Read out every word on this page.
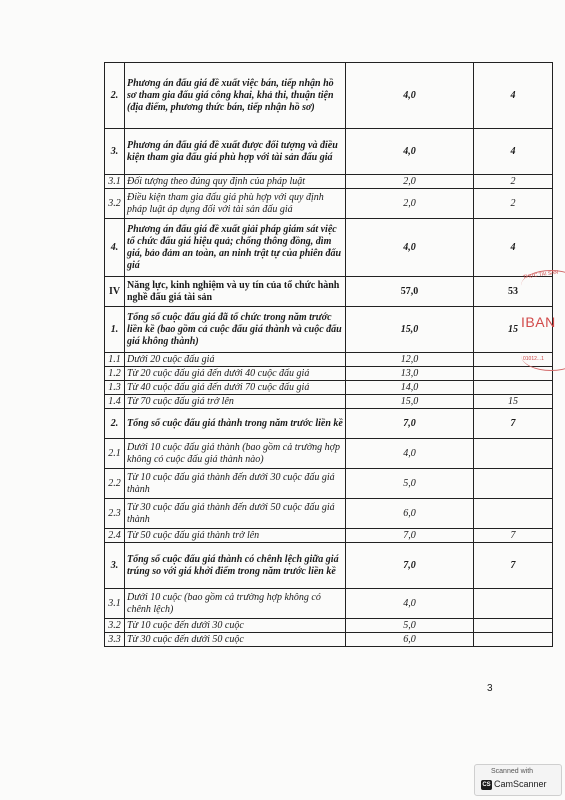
2.	Phương án đấu giá đề xuất việc bán, tiếp nhận hồ sơ tham gia đấu giá công khai, khả thi, thuận tiện (địa điểm, phương thức bán, tiếp nhận hồ sơ)	4,0	4
3.	Phương án đấu giá đề xuất được đối tượng và điều kiện tham gia đấu giá phù hợp với tài sản đấu giá	4,0	4
3.1	Đối tượng theo đúng quy định của pháp luật	2,0	2
3.2	Điều kiện tham gia đấu giá phù hợp với quy định pháp luật áp dụng đối với tài sản đấu giá	2,0	2
4.	Phương án đấu giá đề xuất giải pháp giám sát việc tổ chức đấu giá hiệu quả; chống thông đồng, dìm giá, bảo đảm an toàn, an ninh trật tự của phiên đấu giá	4,0	4
IV	Năng lực, kinh nghiệm và uy tín của tổ chức hành nghề đấu giá tài sản	57,0	53
1.	Tổng số cuộc đấu giá đã tổ chức trong năm trước liền kề (bao gồm cả cuộc đấu giá thành và cuộc đấu giá không thành)	15,0	15
1.1	Dưới 20 cuộc đấu giá	12,0	
1.2	Từ 20 cuộc đấu giá đến dưới 40 cuộc đấu giá	13,0	
1.3	Từ 40 cuộc đấu giá đến dưới 70 cuộc đấu giá	14,0	
1.4	Từ 70 cuộc đấu giá trở lên	15,0	15
2.	Tổng số cuộc đấu giá thành trong năm trước liền kề	7,0	7
2.1	Dưới 10 cuộc đấu giá thành (bao gồm cả trường hợp không có cuộc đấu giá thành nào)	4,0	
2.2	Từ 10 cuộc đấu giá thành đến dưới 30 cuộc đấu giá thành	5,0	
2.3	Từ 30 cuộc đấu giá thành đến dưới 50 cuộc đấu giá thành	6,0	
2.4	Từ 50 cuộc đấu giá thành trở lên	7,0	7
3.	Tổng số cuộc đấu giá thành có chênh lệch giữa giá trúng so với giá khởi điểm trong năm trước liền kề	7,0	7
3.1	Dưới 10 cuộc (bao gồm cả trường hợp không có chênh lệch)	4,0	
3.2	Từ 10 cuộc đến dưới 30 cuộc	5,0	
3.3	Từ 30 cuộc đến dưới 50 cuộc	6,0	
3
THỰC TÀI SẢN
IBAN
01012...1
Scanned with
CS CamScanner
